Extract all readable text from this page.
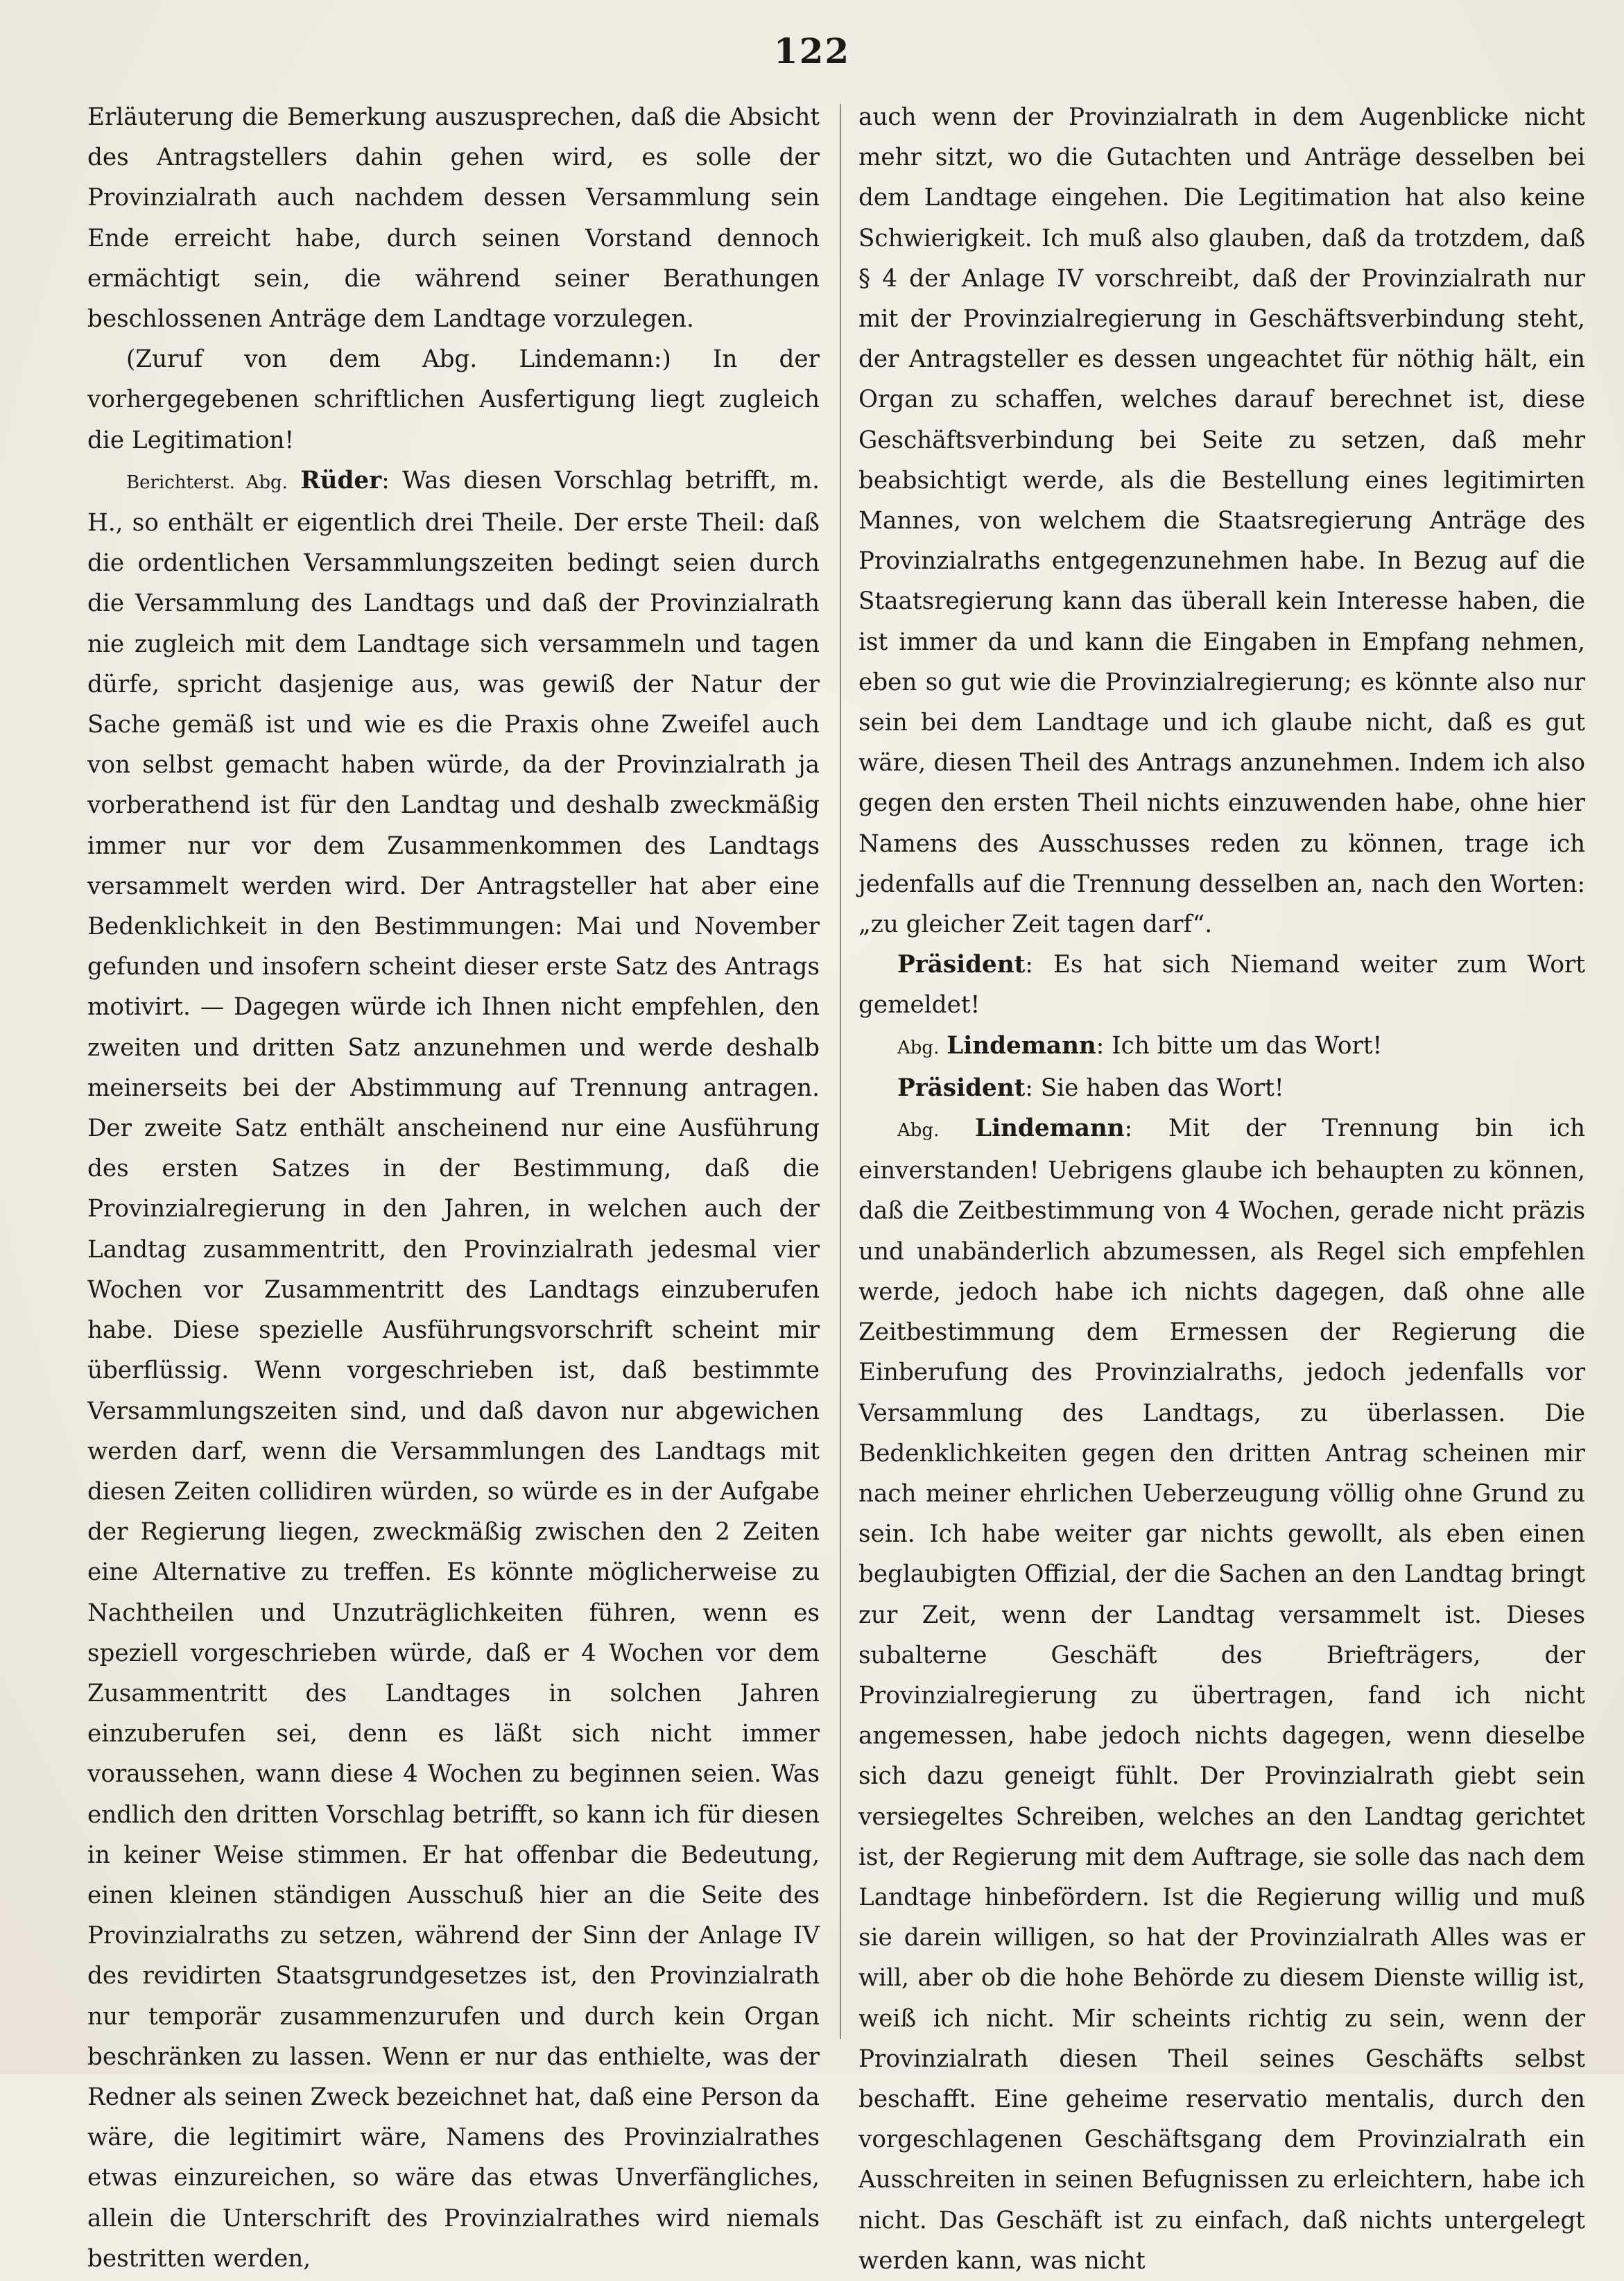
122

Erläuterung die Bemerkung auszusprechen, daß die Absicht des Antragstellers dahin gehen wird, es solle der Provinzialrath auch nachdem dessen Versammlung sein Ende erreicht habe, durch seinen Vorstand dennoch ermächtigt sein, die während seiner Berathungen beschlossenen Anträge dem Landtage vorzulegen.

(Zuruf von dem Abg. Lindemann:) In der vorhergegebenen schriftlichen Ausfertigung liegt zugleich die Legitimation!

Berichterst. Abg. Rüder: Was diesen Vorschlag betrifft, m. H., so enthält er eigentlich drei Theile. Der erste Theil: daß die ordentlichen Versammlungszeiten bedingt seien durch die Versammlung des Landtags und daß der Provinzialrath nie zugleich mit dem Landtage sich versammeln und tagen dürfe, spricht dasjenige aus, was gewiß der Natur der Sache gemäß ist und wie es die Praxis ohne Zweifel auch von selbst gemacht haben würde, da der Provinzialrath ja vorberathend ist für den Landtag und deshalb zweckmäßig immer nur vor dem Zusammenkommen des Landtags versammelt werden wird. Der Antragsteller hat aber eine Bedenklichkeit in den Bestimmungen: Mai und November gefunden und insofern scheint dieser erste Satz des Antrags motivirt. — Dagegen würde ich Ihnen nicht empfehlen, den zweiten und dritten Satz anzunehmen und werde deshalb meinerseits bei der Abstimmung auf Trennung antragen. Der zweite Satz enthält anscheinend nur eine Ausführung des ersten Satzes in der Bestimmung, daß die Provinzialregierung in den Jahren, in welchen auch der Landtag zusammentritt, den Provinzialrath jedesmal vier Wochen vor Zusammentritt des Landtags einzuberufen habe. Diese spezielle Ausführungsvorschrift scheint mir überflüssig. Wenn vorgeschrieben ist, daß bestimmte Versammlungszeiten sind, und daß davon nur abgewichen werden darf, wenn die Versammlungen des Landtags mit diesen Zeiten collidiren würden, so würde es in der Aufgabe der Regierung liegen, zweckmäßig zwischen den 2 Zeiten eine Alternative zu treffen. Es könnte möglicherweise zu Nachtheilen und Unzuträglichkeiten führen, wenn es speziell vorgeschrieben würde, daß er 4 Wochen vor dem Zusammentritt des Landtages in solchen Jahren einzuberufen sei, denn es läßt sich nicht immer voraussehen, wann diese 4 Wochen zu beginnen seien. Was endlich den dritten Vorschlag betrifft, so kann ich für diesen in keiner Weise stimmen. Er hat offenbar die Bedeutung, einen kleinen ständigen Ausschuß hier an die Seite des Provinzialraths zu setzen, während der Sinn der Anlage IV des revidirten Staatsgrundgesetzes ist, den Provinzialrath nur temporär zusammenzurufen und durch kein Organ beschränken zu lassen. Wenn er nur das enthielte, was der Redner als seinen Zweck bezeichnet hat, daß eine Person da wäre, die legitimirt wäre, Namens des Provinzialrathes etwas einzureichen, so wäre das etwas Unverfängliches, allein die Unterschrift des Provinzialrathes wird niemals bestritten werden,

auch wenn der Provinzialrath in dem Augenblicke nicht mehr sitzt, wo die Gutachten und Anträge desselben bei dem Landtage eingehen. Die Legitimation hat also keine Schwierigkeit. Ich muß also glauben, daß da trotzdem, daß § 4 der Anlage IV vorschreibt, daß der Provinzialrath nur mit der Provinzialregierung in Geschäftsverbindung steht, der Antragsteller es dessen ungeachtet für nöthig hält, ein Organ zu schaffen, welches darauf berechnet ist, diese Geschäftsverbindung bei Seite zu setzen, daß mehr beabsichtigt werde, als die Bestellung eines legitimirten Mannes, von welchem die Staatsregierung Anträge des Provinzialraths entgegenzunehmen habe. In Bezug auf die Staatsregierung kann das überall kein Interesse haben, die ist immer da und kann die Eingaben in Empfang nehmen, eben so gut wie die Provinzialregierung; es könnte also nur sein bei dem Landtage und ich glaube nicht, daß es gut wäre, diesen Theil des Antrags anzunehmen. Indem ich also gegen den ersten Theil nichts einzuwenden habe, ohne hier Namens des Ausschusses reden zu können, trage ich jedenfalls auf die Trennung desselben an, nach den Worten: „zu gleicher Zeit tagen darf“.

Präsident: Es hat sich Niemand weiter zum Wort gemeldet!

Abg. Lindemann: Ich bitte um das Wort!

Präsident: Sie haben das Wort!

Abg. Lindemann: Mit der Trennung bin ich einverstanden! Uebrigens glaube ich behaupten zu können, daß die Zeitbestimmung von 4 Wochen, gerade nicht präzis und unabänderlich abzumessen, als Regel sich empfehlen werde, jedoch habe ich nichts dagegen, daß ohne alle Zeitbestimmung dem Ermessen der Regierung die Einberufung des Provinzialraths, jedoch jedenfalls vor Versammlung des Landtags, zu überlassen. Die Bedenklichkeiten gegen den dritten Antrag scheinen mir nach meiner ehrlichen Ueberzeugung völlig ohne Grund zu sein. Ich habe weiter gar nichts gewollt, als eben einen beglaubigten Offizial, der die Sachen an den Landtag bringt zur Zeit, wenn der Landtag versammelt ist. Dieses subalterne Geschäft des Briefträgers, der Provinzialregierung zu übertragen, fand ich nicht angemessen, habe jedoch nichts dagegen, wenn dieselbe sich dazu geneigt fühlt. Der Provinzialrath giebt sein versiegeltes Schreiben, welches an den Landtag gerichtet ist, der Regierung mit dem Auftrage, sie solle das nach dem Landtage hinbefördern. Ist die Regierung willig und muß sie darein willigen, so hat der Provinzialrath Alles was er will, aber ob die hohe Behörde zu diesem Dienste willig ist, weiß ich nicht. Mir scheints richtig zu sein, wenn der Provinzialrath diesen Theil seines Geschäfts selbst beschafft. Eine geheime reservatio mentalis, durch den vorgeschlagenen Geschäftsgang dem Provinzialrath ein Ausschreiten in seinen Befugnissen zu erleichtern, habe ich nicht. Das Geschäft ist zu einfach, daß nichts untergelegt werden kann, was nicht
